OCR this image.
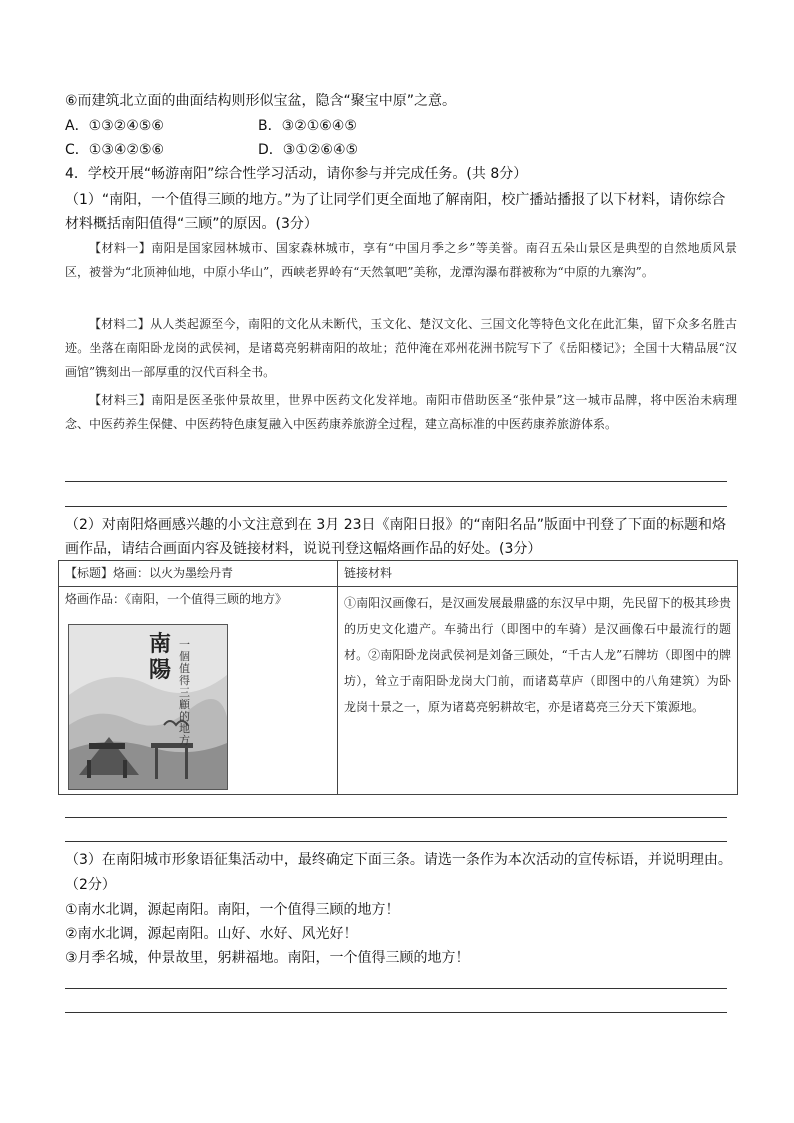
⑥而建筑北立面的曲面结构则形似宝盆，隐含“聚宝中原”之意。
A．①③②④⑤⑥	B．③②①⑥④⑤
C．①③④②⑤⑥	D．③①②⑥④⑤
4．学校开展“畅游南阳”综合性学习活动，请你参与并完成任务。(共 8分）
（1）“南阳，一个值得三顾的地方。”为了让同学们更全面地了解南阳，校广播站播报了以下材料，请你综合
材料概括南阳值得“三顾”的原因。(3分）
【材料一】南阳是国家园林城市、国家森林城市，享有“中国月季之乡”等美誉。南召五朵山景区是典型的自然地质风景区，被誉为“北顶神仙地，中原小华山”，西峡老界岭有“天然氧吧”美称，龙潭沟瀑布群被称为“中原的九寨沟”。
【材料二】从人类起源至今，南阳的文化从未断代，玉文化、楚汉文化、三国文化等特色文化在此汇集，留下众多名胜古迹。坐落在南阳卧龙岗的武侯祠，是诸葛亮躬耕南阳的故址；范仲淹在邓州花洲书院写下了《岳阳楼记》；全国十大精品展“汉画馆”镌刻出一部厚重的汉代百科全书。
【材料三】南阳是医圣张仲景故里，世界中医药文化发祥地。南阳市借助医圣“张仲景”这一城市品牌，将中医治未病理念、中医药养生保健、中医药特色康复融入中医药康养旅游全过程，建立高标准的中医药康养旅游体系。
（2）对南阳烙画感兴趣的小文注意到在 3月 23日《南阳日报》的“南阳名品”版面中刊登了下面的标题和烙
画作品，请结合画面内容及链接材料，说说刊登这幅烙画作品的好处。(3分）
【标题】烙画：以火为墨绘丹青	链接材料

烙画作品：《南阳，一个值得三顾的地方》	①南阳汉画像石，是汉画发展最鼎盛的东汉早中期，先民留下的极其珍贵的历史文化遗产。车骑出行（即图中的车骑）是汉画像石中最流行的题材。②南阳卧龙岗武侯祠是刘备三顾处，“千古人龙”石牌坊（即图中的牌坊），耸立于南阳卧龙岗大门前，而诸葛草庐（即图中的八角建筑）为卧龙岗十景之一，原为诸葛亮躬耕故宅，亦是诸葛亮三分天下策源地。
南陽
一個值得三顧的地方
（3）在南阳城市形象语征集活动中，最终确定下面三条。请选一条作为本次活动的宣传标语，并说明理由。
（2分）
①南水北调，源起南阳。南阳，一个值得三顾的地方！
②南水北调，源起南阳。山好、水好、风光好！
③月季名城，仲景故里，躬耕福地。南阳，一个值得三顾的地方！
